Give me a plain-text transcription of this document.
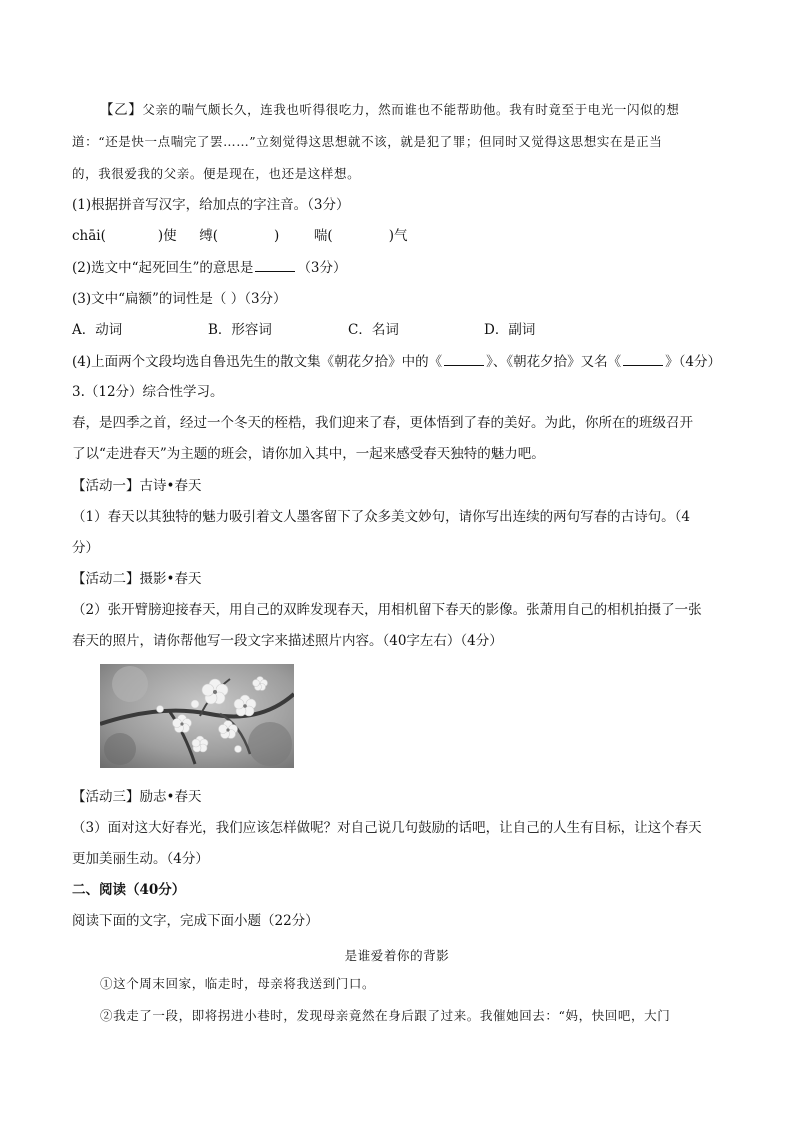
【乙】父亲的喘气颇长久，连我也听得很吃力，然而谁也不能帮助他。我有时竟至于电光一闪似的想
道：“还是快一点喘完了罢……”立刻觉得这思想就不该，就是犯了罪；但同时又觉得这思想实在是正当
的，我很爱我的父亲。便是现在，也还是这样想。
(1)根据拼音写汉字，给加点的字注音。（3分）
chāi(	)使 缚(	)	喘(	)气
(2)选文中“起死回生”的意思是	（3分）
(3)文中“扁额”的词性是（ ）（3分）
A．动词	B．形容词	C．名词	D．副词
(4)上面两个文段均选自鲁迅先生的散文集《朝花夕拾》中的《	》、《朝花夕拾》又名《	》（4分）
3.（12分）综合性学习。
春，是四季之首，经过一个冬天的桎梏，我们迎来了春，更体悟到了春的美好。为此，你所在的班级召开
了以“走进春天”为主题的班会，请你加入其中，一起来感受春天独特的魅力吧。
【活动一】古诗•春天
（1）春天以其独特的魅力吸引着文人墨客留下了众多美文妙句，请你写出连续的两句写春的古诗句。（4
分）
【活动二】摄影•春天
（2）张开臂膀迎接春天，用自己的双眸发现春天，用相机留下春天的影像。张萧用自己的相机拍摄了一张
春天的照片，请你帮他写一段文字来描述照片内容。（40字左右）（4分）
【活动三】励志•春天
（3）面对这大好春光，我们应该怎样做呢？对自己说几句鼓励的话吧，让自己的人生有目标，让这个春天
更加美丽生动。（4分）
二、阅读（40分）
阅读下面的文字，完成下面小题（22分）
是谁爱着你的背影
①这个周末回家，临走时，母亲将我送到门口。
②我走了一段，即将拐进小巷时，发现母亲竟然在身后跟了过来。我催她回去：“妈，快回吧，大门
